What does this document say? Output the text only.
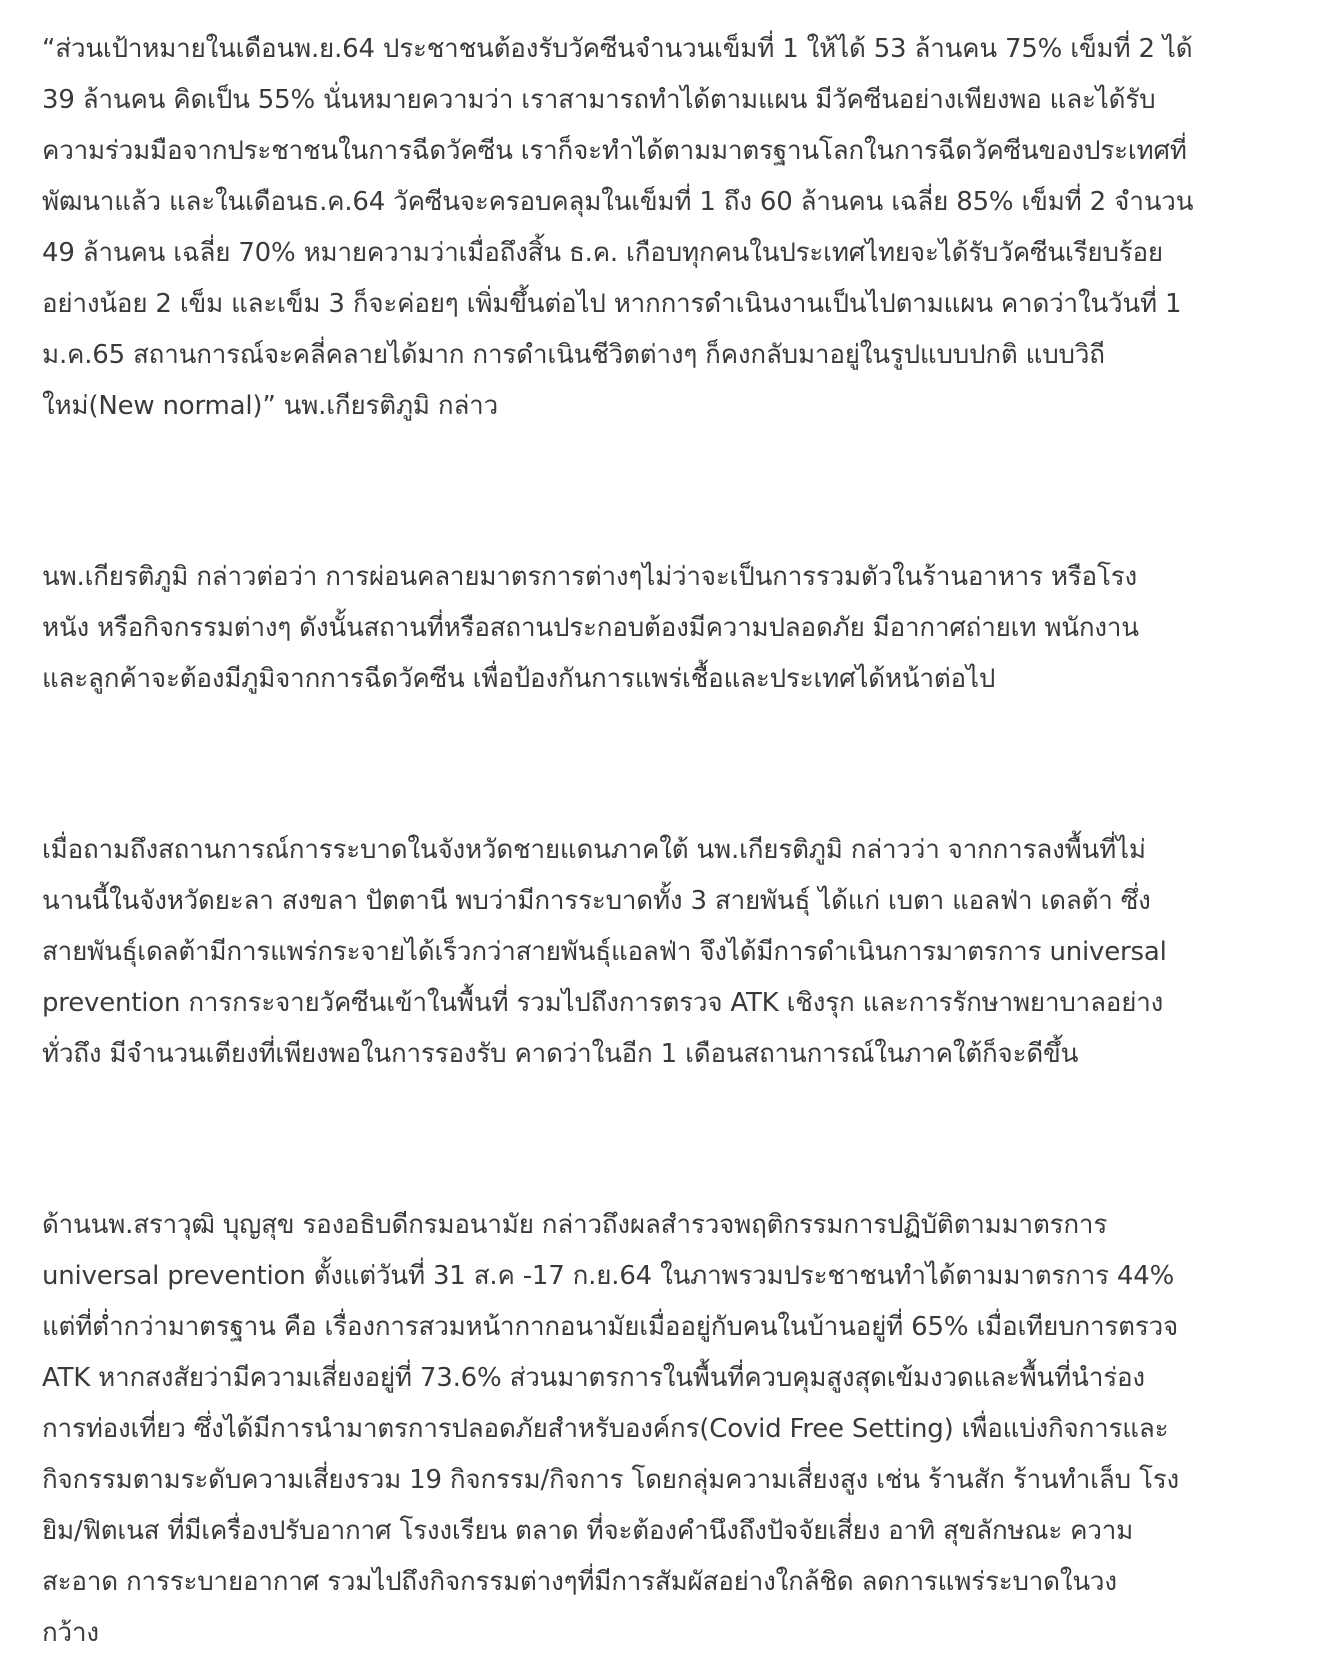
“ส่วนเป้าหมายในเดือนพ.ย.64 ประชาชนต้องรับวัคซีนจำนวนเข็มที่ 1 ให้ได้ 53 ล้านคน 75% เข็มที่ 2 ได้
39 ล้านคน คิดเป็น 55% นั่นหมายความว่า เราสามารถทำได้ตามแผน มีวัคซีนอย่างเพียงพอ และได้รับ
ความร่วมมือจากประชาชนในการฉีดวัคซีน เราก็จะทำได้ตามมาตรฐานโลกในการฉีดวัคซีนของประเทศที่
พัฒนาแล้ว และในเดือนธ.ค.64 วัคซีนจะครอบคลุมในเข็มที่ 1 ถึง 60 ล้านคน เฉลี่ย 85% เข็มที่ 2 จำนวน
49 ล้านคน เฉลี่ย 70% หมายความว่าเมื่อถึงสิ้น ธ.ค. เกือบทุกคนในประเทศไทยจะได้รับวัคซีนเรียบร้อย
อย่างน้อย 2 เข็ม และเข็ม 3 ก็จะค่อยๆ เพิ่มขึ้นต่อไป หากการดำเนินงานเป็นไปตามแผน คาดว่าในวันที่ 1
ม.ค.65 สถานการณ์จะคลี่คลายได้มาก การดำเนินชีวิตต่างๆ ก็คงกลับมาอยู่ในรูปแบบปกติ แบบวิถี
ใหม่(New normal)” นพ.เกียรติภูมิ กล่าว
นพ.เกียรติภูมิ กล่าวต่อว่า การผ่อนคลายมาตรการต่างๆไม่ว่าจะเป็นการรวมตัวในร้านอาหาร หรือโรง
หนัง หรือกิจกรรมต่างๆ ดังนั้นสถานที่หรือสถานประกอบต้องมีความปลอดภัย มีอากาศถ่ายเท พนักงาน
และลูกค้าจะต้องมีภูมิจากการฉีดวัคซีน เพื่อป้องกันการแพร่เชื้อและประเทศได้หน้าต่อไป
เมื่อถามถึงสถานการณ์การระบาดในจังหวัดชายแดนภาคใต้ นพ.เกียรติภูมิ กล่าวว่า จากการลงพื้นที่ไม่
นานนี้ในจังหวัดยะลา สงขลา ปัตตานี พบว่ามีการระบาดทั้ง 3 สายพันธุ์ ได้แก่ เบตา แอลฟ่า เดลต้า ซึ่ง
สายพันธุ์เดลต้ามีการแพร่กระจายได้เร็วกว่าสายพันธุ์แอลฟ่า จึงได้มีการดำเนินการมาตรการ universal
prevention การกระจายวัคซีนเข้าในพื้นที่ รวมไปถึงการตรวจ ATK เชิงรุก และการรักษาพยาบาลอย่าง
ทั่วถึง มีจำนวนเตียงที่เพียงพอในการรองรับ คาดว่าในอีก 1 เดือนสถานการณ์ในภาคใต้ก็จะดีขึ้น
ด้านนพ.สราวุฒิ บุญสุข รองอธิบดีกรมอนามัย กล่าวถึงผลสำรวจพฤติกรรมการปฏิบัติตามมาตรการ
universal prevention ตั้งแต่วันที่ 31 ส.ค -17 ก.ย.64 ในภาพรวมประชาชนทำได้ตามมาตรการ 44%
แต่ที่ต่ำกว่ามาตรฐาน คือ เรื่องการสวมหน้ากากอนามัยเมื่ออยู่กับคนในบ้านอยู่ที่ 65% เมื่อเทียบการตรวจ
ATK หากสงสัยว่ามีความเสี่ยงอยู่ที่ 73.6% ส่วนมาตรการในพื้นที่ควบคุมสูงสุดเข้มงวดและพื้นที่นำร่อง
การท่องเที่ยว ซึ่งได้มีการนำมาตรการปลอดภัยสำหรับองค์กร(Covid Free Setting) เพื่อแบ่งกิจการและ
กิจกรรมตามระดับความเสี่ยงรวม 19 กิจกรรม/กิจการ โดยกลุ่มความเสี่ยงสูง เช่น ร้านสัก ร้านทำเล็บ โรง
ยิม/ฟิตเนส ที่มีเครื่องปรับอากาศ โรงงเรียน ตลาด ที่จะต้องคำนึงถึงปัจจัยเสี่ยง อาทิ สุขลักษณะ ความ
สะอาด การระบายอากาศ รวมไปถึงกิจกรรมต่างๆที่มีการสัมผัสอย่างใกล้ชิด ลดการแพร่ระบาดในวง
กว้าง
